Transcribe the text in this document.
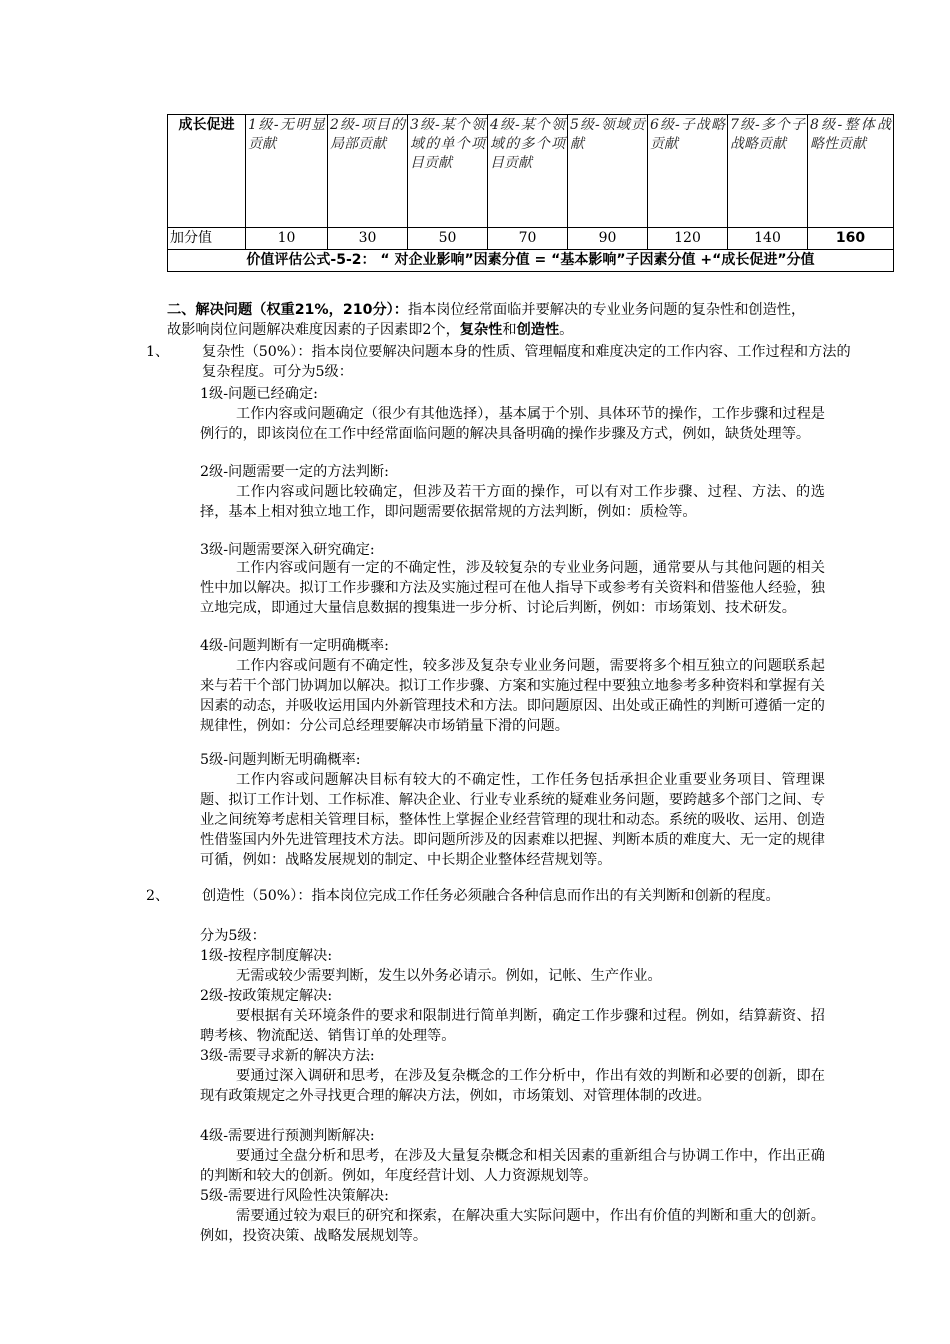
成长促进	1级-无明显贡献	2级-项目的局部贡献	3级-某个领域的单个项目贡献	4级-某个领域的多个项目贡献	5级-领域贡献	6级-子战略贡献	7级-多个子战略贡献	8级-整体战略性贡献
加分值	10	30	50	70	90	120	140	160
价值评估公式-5-2： “ 对企业影响”因素分值 = “基本影响”子因素分值 +“成长促进”分值								
二、解决问题（权重21%，210分）：指本岗位经常面临并要解决的专业业务问题的复杂性和创造性，故影响岗位问题解决难度因素的子因素即2个，复杂性和创造性。
1、 复杂性（50%）：指本岗位要解决问题本身的性质、管理幅度和难度决定的工作内容、工作过程和方法的复杂程度。可分为5级：
1级-问题已经确定:
工作内容或问题确定（很少有其他选择），基本属于个别、具体环节的操作，工作步骤和过程是例行的，即该岗位在工作中经常面临问题的解决具备明确的操作步骤及方式，例如，缺货处理等。
2级-问题需要一定的方法判断:
工作内容或问题比较确定，但涉及若干方面的操作，可以有对工作步骤、过程、方法、的选择，基本上相对独立地工作，即问题需要依据常规的方法判断，例如：质检等。
3级-问题需要深入研究确定:
工作内容或问题有一定的不确定性，涉及较复杂的专业业务问题，通常要从与其他问题的相关性中加以解决。拟订工作步骤和方法及实施过程可在他人指导下或参考有关资料和借鉴他人经验，独立地完成，即通过大量信息数据的搜集进一步分析、讨论后判断，例如：市场策划、技术研发。
4级-问题判断有一定明确概率:
工作内容或问题有不确定性，较多涉及复杂专业业务问题，需要将多个相互独立的问题联系起来与若干个部门协调加以解决。拟订工作步骤、方案和实施过程中要独立地参考多种资料和掌握有关因素的动态，并吸收运用国内外新管理技术和方法。即问题原因、出处或正确性的判断可遵循一定的规律性，例如：分公司总经理要解决市场销量下滑的问题。
5级-问题判断无明确概率:
工作内容或问题解决目标有较大的不确定性，工作任务包括承担企业重要业务项目、管理课题、拟订工作计划、工作标准、解决企业、行业专业系统的疑难业务问题，要跨越多个部门之间、专业之间统筹考虑相关管理目标，整体性上掌握企业经营管理的现壮和动态。系统的吸收、运用、创造性借鉴国内外先进管理技术方法。即问题所涉及的因素难以把握、判断本质的难度大、无一定的规律可循，例如：战略发展规划的制定、中长期企业整体经营规划等。
2、 创造性（50%）：指本岗位完成工作任务必须融合各种信息而作出的有关判断和创新的程度。
分为5级：
1级-按程序制度解决:
无需或较少需要判断，发生以外务必请示。例如，记帐、生产作业。
2级-按政策规定解决:
要根据有关环境条件的要求和限制进行简单判断，确定工作步骤和过程。例如，结算薪资、招聘考核、物流配送、销售订单的处理等。
3级-需要寻求新的解决方法:
要通过深入调研和思考，在涉及复杂概念的工作分析中，作出有效的判断和必要的创新，即在现有政策规定之外寻找更合理的解决方法，例如，市场策划、对管理体制的改进。
4级-需要进行预测判断解决:
要通过全盘分析和思考，在涉及大量复杂概念和相关因素的重新组合与协调工作中，作出正确的判断和较大的创新。例如，年度经营计划、人力资源规划等。
5级-需要进行风险性决策解决:
需要通过较为艰巨的研究和探索，在解决重大实际问题中，作出有价值的判断和重大的创新。例如，投资决策、战略发展规划等。
